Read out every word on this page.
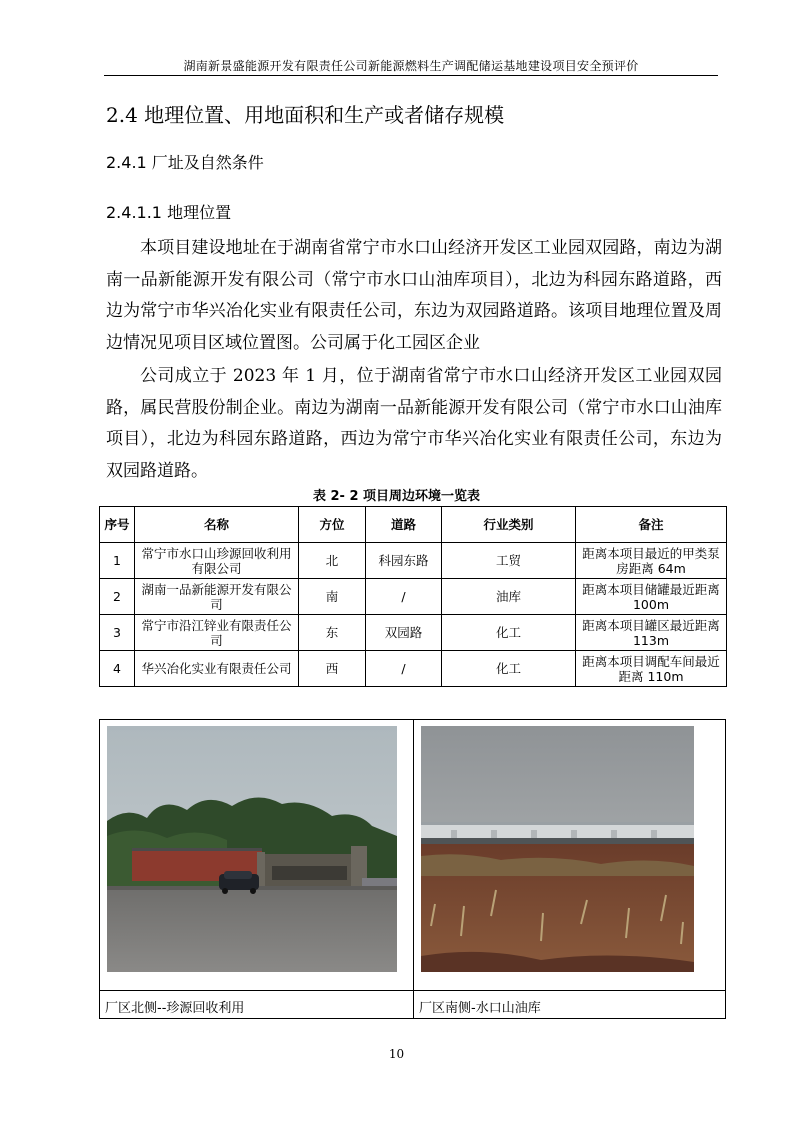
湖南新景盛能源开发有限责任公司新能源燃料生产调配储运基地建设项目安全预评价
2.4 地理位置、用地面积和生产或者储存规模
2.4.1 厂址及自然条件
2.4.1.1 地理位置
本项目建设地址在于湖南省常宁市水口山经济开发区工业园双园路，南边为湖南一品新能源开发有限公司（常宁市水口山油库项目），北边为科园东路道路，西边为常宁市华兴冶化实业有限责任公司，东边为双园路道路。该项目地理位置及周边情况见项目区域位置图。公司属于化工园区企业
公司成立于 2023 年 1 月，位于湖南省常宁市水口山经济开发区工业园双园路，属民营股份制企业。南边为湖南一品新能源开发有限公司（常宁市水口山油库项目），北边为科园东路道路，西边为常宁市华兴冶化实业有限责任公司，东边为双园路道路。
表 2- 2 项目周边环境一览表
序号	名称	方位	道路	行业类别	备注
1	常宁市水口山珍源回收利用有限公司	北	科园东路	工贸	距离本项目最近的甲类泵房距离 64m
2	湖南一品新能源开发有限公司	南	/	油库	距离本项目储罐最近距离 100m
3	常宁市沿江锌业有限责任公司	东	双园路	化工	距离本项目罐区最近距离 113m
4	华兴冶化实业有限责任公司	西	/	化工	距离本项目调配车间最近距离 110m
厂区北侧--珍源回收利用	厂区南侧-水口山油库
10
